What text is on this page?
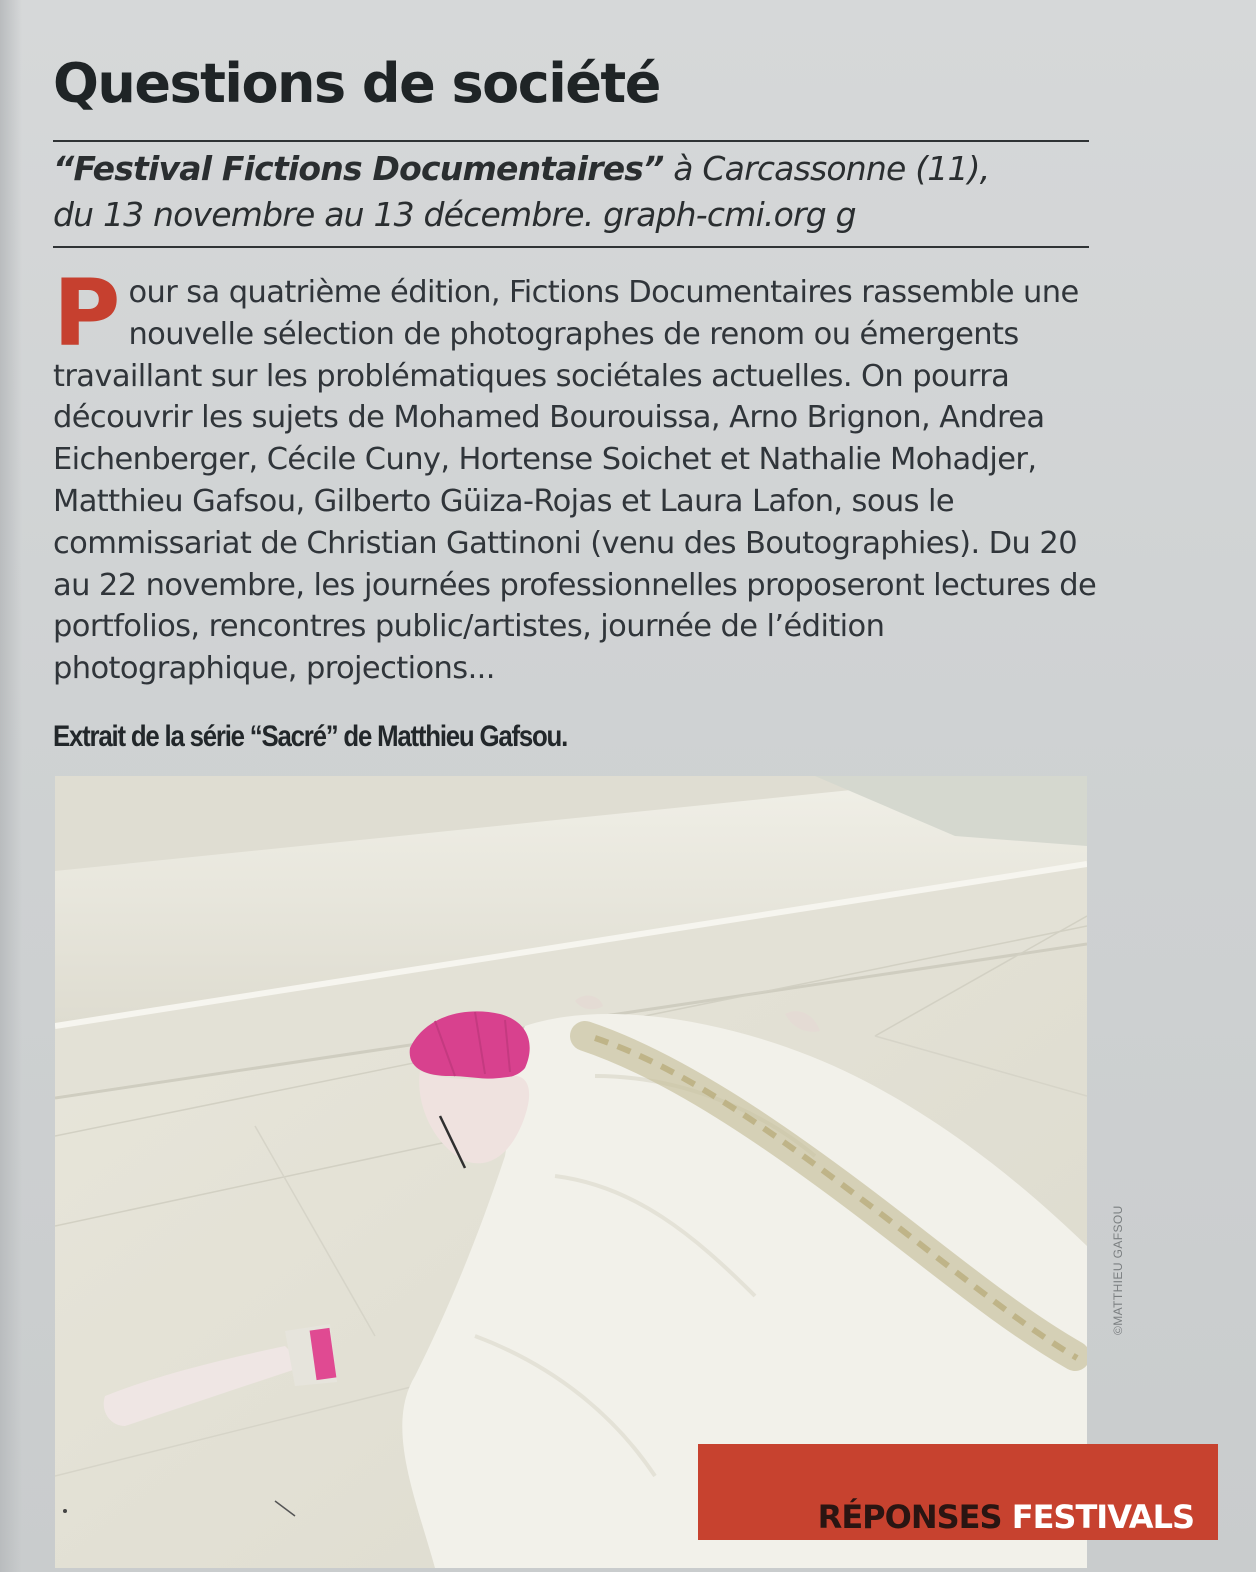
Questions de société
“Festival Fictions Documentaires” à Carcassonne (11),
du 13 novembre au 13 décembre. graph-cmi.org g

Pour sa quatrième édition, Fictions Documentaires rassemble une nouvelle sélection de photographes de renom ou émergents travaillant sur les problématiques sociétales actuelles. On pourra découvrir les sujets de Mohamed Bourouissa, Arno Brignon, Andrea Eichenberger, Cécile Cuny, Hortense Soichet et Nathalie Mohadjer, Matthieu Gafsou, Gilberto Güiza-Rojas et Laura Lafon, sous le commissariat de Christian Gattinoni (venu des Boutographies). Du 20 au 22 novembre, les journées professionnelles proposeront lectures de portfolios, rencontres public/artistes, journée de l’édition photographique, projections...

Extrait de la série “Sacré” de Matthieu Gafsou.
©MATTHIEU GAFSOU
RÉPONSES FESTIVALS
